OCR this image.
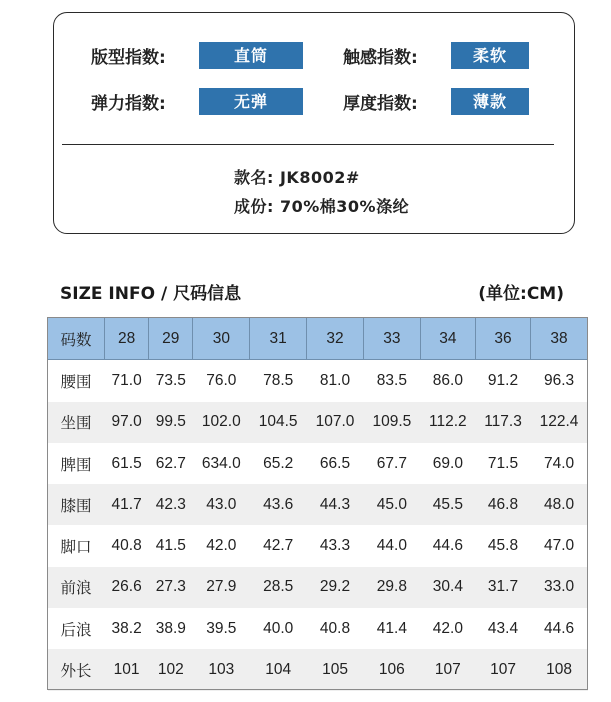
版型指数:	直筒	触感指数:	柔软
弹力指数:	无弹	厚度指数:	薄款
款名: JK8002#
成份: 70%棉30%涤纶
SIZE INFO / 尺码信息	(单位:CM)
码数	28	29	30	31	32	33	34	36	38
腰围	71.0	73.5	76.0	78.5	81.0	83.5	86.0	91.2	96.3
坐围	97.0	99.5	102.0	104.5	107.0	109.5	112.2	117.3	122.4
脾围	61.5	62.7	634.0	65.2	66.5	67.7	69.0	71.5	74.0
膝围	41.7	42.3	43.0	43.6	44.3	45.0	45.5	46.8	48.0
脚口	40.8	41.5	42.0	42.7	43.3	44.0	44.6	45.8	47.0
前浪	26.6	27.3	27.9	28.5	29.2	29.8	30.4	31.7	33.0
后浪	38.2	38.9	39.5	40.0	40.8	41.4	42.0	43.4	44.6
外长	101	102	103	104	105	106	107	107	108
